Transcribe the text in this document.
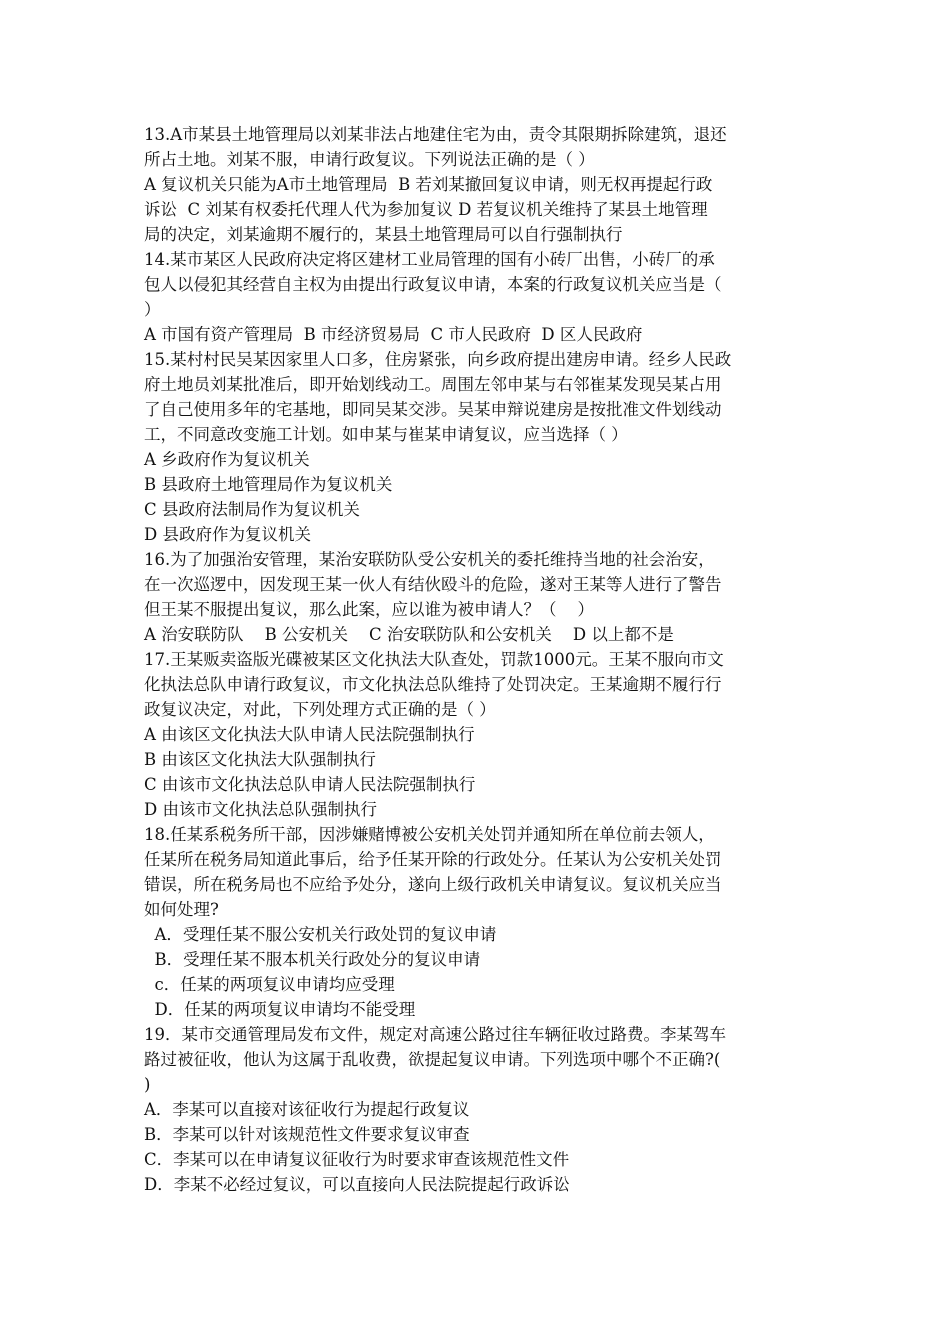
13.A市某县土地管理局以刘某非法占地建住宅为由，责令其限期拆除建筑，退还
所占土地。刘某不服，申请行政复议。下列说法正确的是（ ）
A 复议机关只能为A市土地管理局  B 若刘某撤回复议申请，则无权再提起行政
诉讼  C 刘某有权委托代理人代为参加复议 D 若复议机关维持了某县土地管理
局的决定，刘某逾期不履行的，某县土地管理局可以自行强制执行
14.某市某区人民政府决定将区建材工业局管理的国有小砖厂出售，小砖厂的承
包人以侵犯其经营自主权为由提出行政复议申请，本案的行政复议机关应当是（
）
A 市国有资产管理局  B 市经济贸易局  C 市人民政府  D 区人民政府
15.某村村民吴某因家里人口多，住房紧张，向乡政府提出建房申请。经乡人民政
府土地员刘某批准后，即开始划线动工。周围左邻申某与右邻崔某发现吴某占用
了自己使用多年的宅基地，即同吴某交涉。吴某申辩说建房是按批准文件划线动
工，不同意改变施工计划。如申某与崔某申请复议，应当选择（ ）
A 乡政府作为复议机关
B 县政府土地管理局作为复议机关
C 县政府法制局作为复议机关
D 县政府作为复议机关
16.为了加强治安管理，某治安联防队受公安机关的委托维持当地的社会治安，
在一次巡逻中，因发现王某一伙人有结伙殴斗的危险，遂对王某等人进行了警告
但王某不服提出复议，那么此案，应以谁为被申请人？（    ）
A 治安联防队    B 公安机关    C 治安联防队和公安机关    D 以上都不是
17.王某贩卖盗版光碟被某区文化执法大队查处，罚款1000元。王某不服向市文
化执法总队申请行政复议，市文化执法总队维持了处罚决定。王某逾期不履行行
政复议决定，对此，下列处理方式正确的是（ ）
A 由该区文化执法大队申请人民法院强制执行
B 由该区文化执法大队强制执行
C 由该市文化执法总队申请人民法院强制执行
D 由该市文化执法总队强制执行
18.任某系税务所干部，因涉嫌赌博被公安机关处罚并通知所在单位前去领人，
任某所在税务局知道此事后，给予任某开除的行政处分。任某认为公安机关处罚
错误，所在税务局也不应给予处分，遂向上级行政机关申请复议。复议机关应当
如何处理?
A．受理任某不服公安机关行政处罚的复议申请
B．受理任某不服本机关行政处分的复议申请
c．任某的两项复议申请均应受理
D．任某的两项复议申请均不能受理
19．某市交通管理局发布文件，规定对高速公路过往车辆征收过路费。李某驾车
路过被征收，他认为这属于乱收费，欲提起复议申请。下列选项中哪个不正确?(
)
A．李某可以直接对该征收行为提起行政复议
B．李某可以针对该规范性文件要求复议审查
C．李某可以在申请复议征收行为时要求审查该规范性文件
D．李某不必经过复议，可以直接向人民法院提起行政诉讼
